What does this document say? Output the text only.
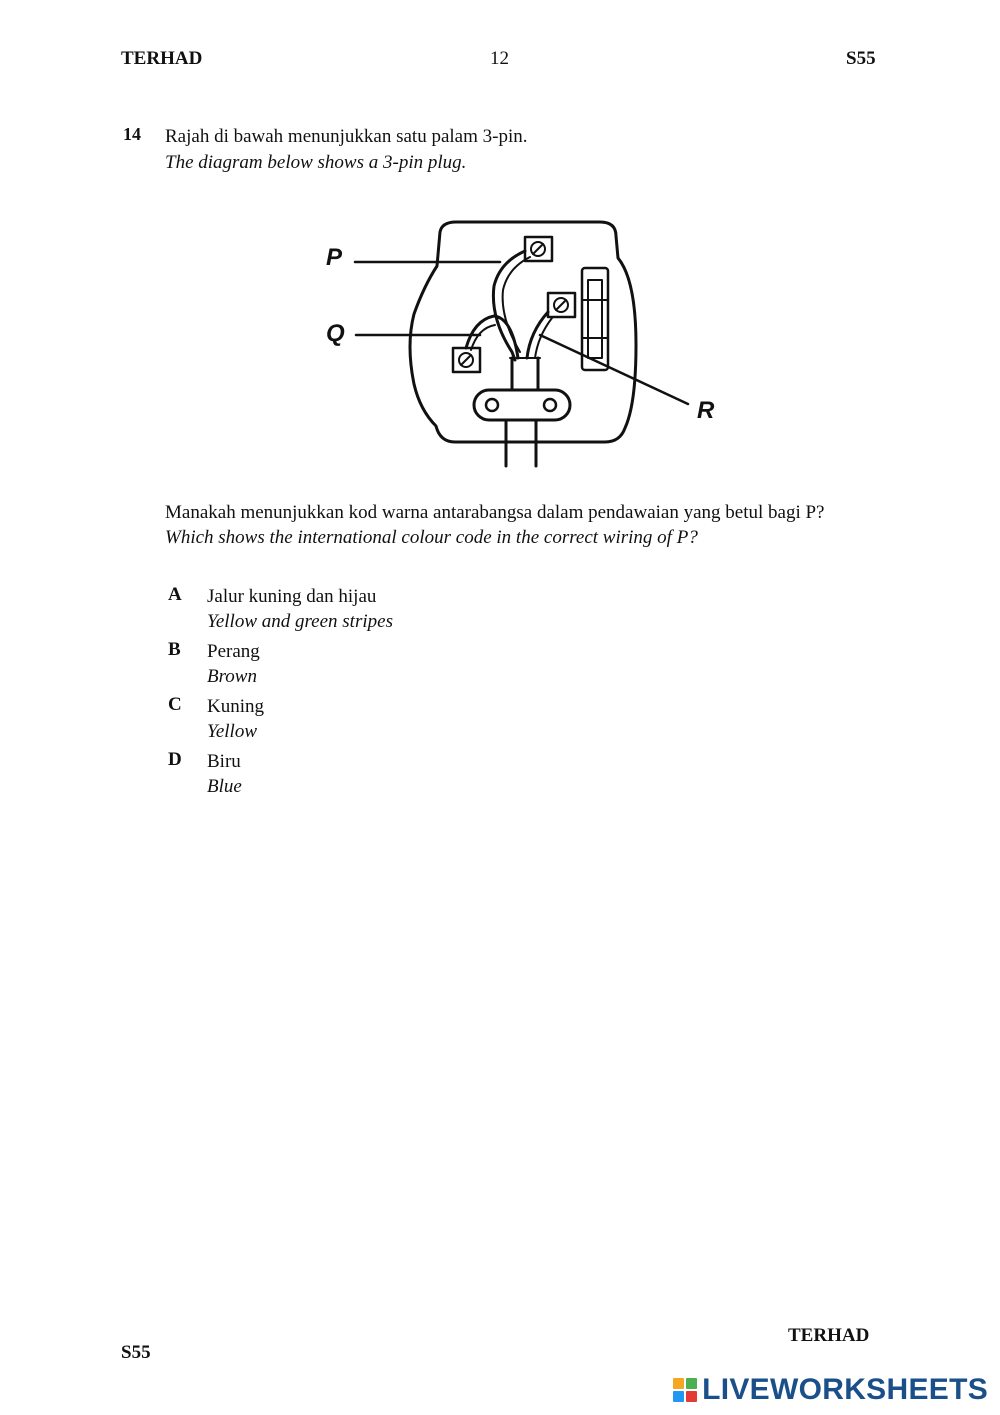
TERHAD	12	S55
14 Rajah di bawah menunjukkan satu palam 3-pin.
The diagram below shows a 3-pin plug.
P
Q
R
Manakah menunjukkan kod warna antarabangsa dalam pendawaian yang betul bagi P?
Which shows the international colour code in the correct wiring of P?
A Jalur kuning dan hijau
Yellow and green stripes
B Perang
Brown
C Kuning
Yellow
D Biru
Blue
TERHAD
S55
LIVEWORKSHEETS
